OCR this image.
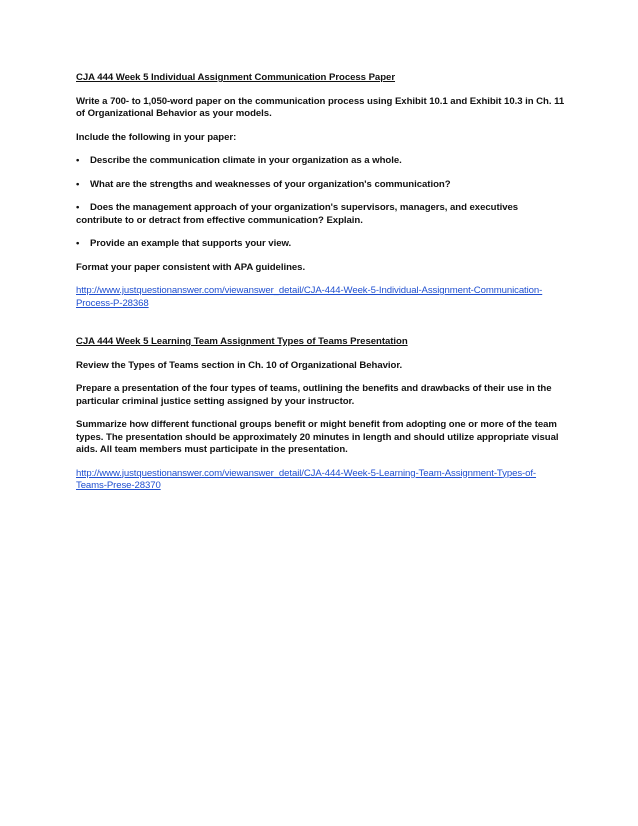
CJA 444 Week 5 Individual Assignment Communication Process Paper
Write a 700- to 1,050-word paper on the communication process using Exhibit 10.1 and Exhibit 10.3 in Ch. 11 of Organizational Behavior as your models.
Include the following in your paper:
• Describe the communication climate in your organization as a whole.
• What are the strengths and weaknesses of your organization's communication?
• Does the management approach of your organization's supervisors, managers, and executives contribute to or detract from effective communication? Explain.
• Provide an example that supports your view.
Format your paper consistent with APA guidelines.
http://www.justquestionanswer.com/viewanswer_detail/CJA-444-Week-5-Individual-Assignment-Communication-Process-P-28368
CJA 444 Week 5 Learning Team Assignment Types of Teams Presentation
Review the Types of Teams section in Ch. 10 of Organizational Behavior.
Prepare a presentation of the four types of teams, outlining the benefits and drawbacks of their use in the particular criminal justice setting assigned by your instructor.
Summarize how different functional groups benefit or might benefit from adopting one or more of the team types. The presentation should be approximately 20 minutes in length and should utilize appropriate visual aids. All team members must participate in the presentation.
http://www.justquestionanswer.com/viewanswer_detail/CJA-444-Week-5-Learning-Team-Assignment-Types-of-Teams-Prese-28370
